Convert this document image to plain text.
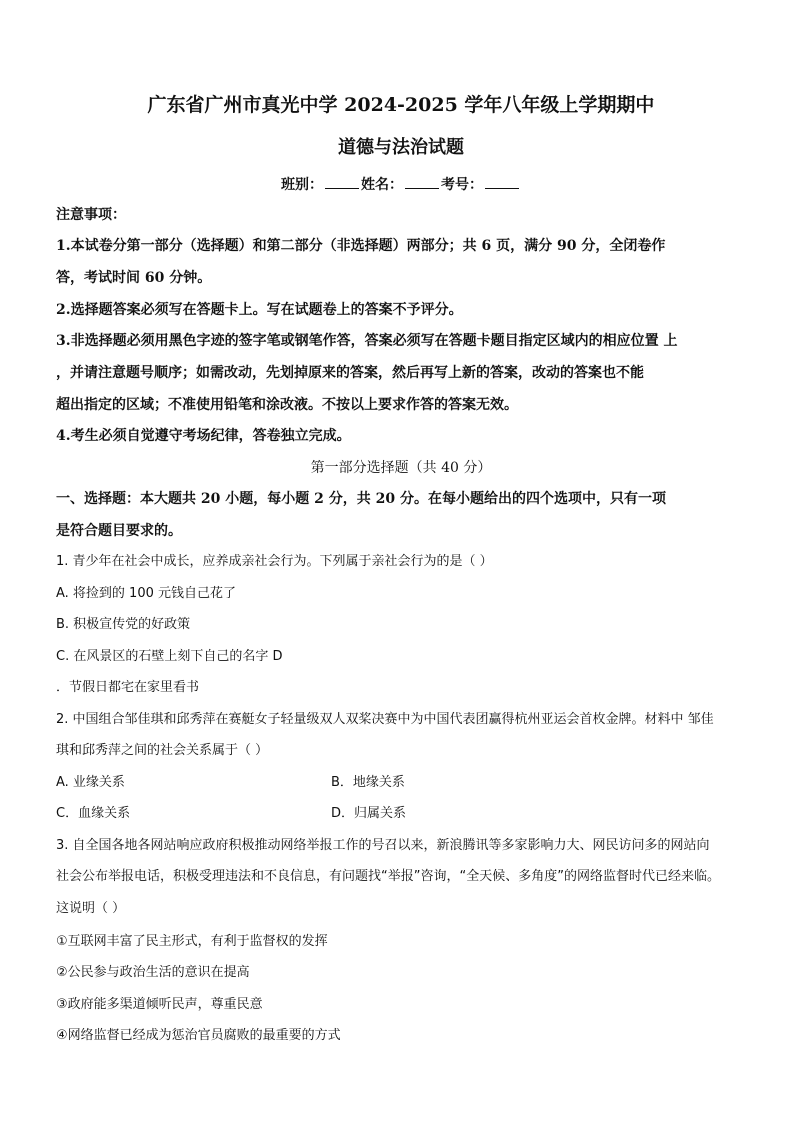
广东省广州市真光中学 2024-2025 学年八年级上学期期中
道德与法治试题
班别：	姓名：	考号：
注意事项：
1.本试卷分第一部分（选择题）和第二部分（非选择题）两部分；共 6 页，满分 90 分，全闭卷作
答，考试时间 60 分钟。
2.选择题答案必须写在答题卡上。写在试题卷上的答案不予评分。
3.非选择题必须用黑色字迹的签字笔或钢笔作答，答案必须写在答题卡题目指定区域内的相应位置 上
，并请注意题号顺序；如需改动，先划掉原来的答案，然后再写上新的答案，改动的答案也不能
超出指定的区域；不准使用铅笔和涂改液。不按以上要求作答的答案无效。
4.考生必须自觉遵守考场纪律，答卷独立完成。
第一部分选择题（共 40 分）
一、选择题：本大题共 20 小题，每小题 2 分，共 20 分。在每小题给出的四个选项中，只有一项
是符合题目要求的。
1. 青少年在社会中成长，应养成亲社会行为。下列属于亲社会行为的是（ ）
A. 将捡到的 100 元钱自己花了
B. 积极宣传党的好政策
C. 在风景区的石壁上刻下自己的名字 D
．节假日都宅在家里看书
2. 中国组合邹佳琪和邱秀萍在赛艇女子轻量级双人双桨决赛中为中国代表团赢得杭州亚运会首枚金牌。材料中 邹佳
琪和邱秀萍之间的社会关系属于（ ）
A. 业缘关系	B．地缘关系
C．血缘关系	D．归属关系
3. 自全国各地各网站响应政府积极推动网络举报工作的号召以来，新浪腾讯等多家影响力大、网民访问多的网站向
社会公布举报电话，积极受理违法和不良信息，有问题找“举报”咨询，“全天候、多角度”的网络监督时代已经来临。
这说明（ ）
①互联网丰富了民主形式，有利于监督权的发挥
②公民参与政治生活的意识在提高
③政府能多渠道倾听民声，尊重民意
④网络监督已经成为惩治官员腐败的最重要的方式
